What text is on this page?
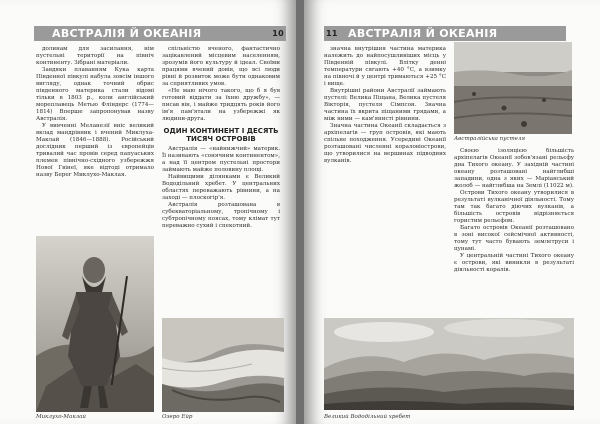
АВСТРАЛІЯ Й ОКЕАНІЯ	10

долинам для засилання, нім пустельні території на північ континенту. Зібрані матеріали.

Завдяки плаванням Кука карта Південної півкулі набула зовсім іншого вигляду, однак точний обрис південного материка стали відомі тільки в 1803 р., коли англійський мореплавець Метью Фліндерс (1774—1814) Вперше запропонував назву Австралія.

У вивченні Меланезії вніс великий вклад мандрівник і вчений Миклуха-Маклай (1846—1888). Російський дослідник перший із європейців тривалий час провів серед папуаських племен північно-східного узбережжя Нової Гвінеї, яке відтоді отримало назву Берег Миклухо-Маклая.

спільністю вченого, фантастично зацікавлений місцевим населенням, зрозумів його культуру й ідеал. Своїми працями вчений довів, що всі люди рівні й розвиток може бути однаковим за сприятливих умов.

«Не маю нічого такого, що б я був готовий віддати за їхню дружбу», — писав він, і майже тридцять років його ім'я пам'ятали на узбережжі як людини-друга.

ОДИН КОНТИНЕНТ І ДЕСЯТЬ ТИСЯЧ ОСТРОВІВ

Австралія — «найнижчий» материк. Її називають «сонячним континентом», а над її центром пустельні простори займають майже половину площі.

Найвищими ділянками є Великий Вододільний хребет. У центральних областях переважають рівнини, а на заході — плоскогір'я.

Австралія розташована в субекваторіальному, тропічному і субтропічному поясах, тому клімат тут переважно сухий і спекотний.

Миклухо-Маклай	Озеро Ейр
11 АВСТРАЛІЯ Й ОКЕАНІЯ

значна внутрішня частина материка належить до найпосушливіших місць у Південній півкулі. Влітку денні температури сягають +40 °С, а взимку на півночі й у центрі тримаються +25 °С і вище.

Внутрішні райони Австралії займають пустелі: Велика Піщана, Велика пустеля Вікторія, пустеля Сімпсон. Значна частина їх вкрита піщаними грядами, а між ними — кам'янисті рівнини.

Значна частина Океанії складається з архіпелагів — груп островів, які мають спільне походження. Усередині Океанії розташовані численні кораловіострови, що утворилися на вершинах підводних вулканів.

Австралійська пустеля

Своєю ізоляцією більшість архіпелагів Океанії зобов'язані рельєфу дна Тихого океану. У західній частині океану розташовані найглибші западини, одна з яких — Маріанський жолоб — найглибша на Землі (11022 м).

Острови Тихого океану утворилися в результаті вулканічної діяльності. Тому там так багато діючих вулканів, а більшість островів відрізняється гористим рельєфом.

Багато островів Океанії розташовано в зоні високої сейсмічної активності, тому тут часто бувають землетруси і цунамі.

У центральній частині Тихого океану є острови, які виникли в результаті діяльності коралів.

Великий Вододільний хребет
